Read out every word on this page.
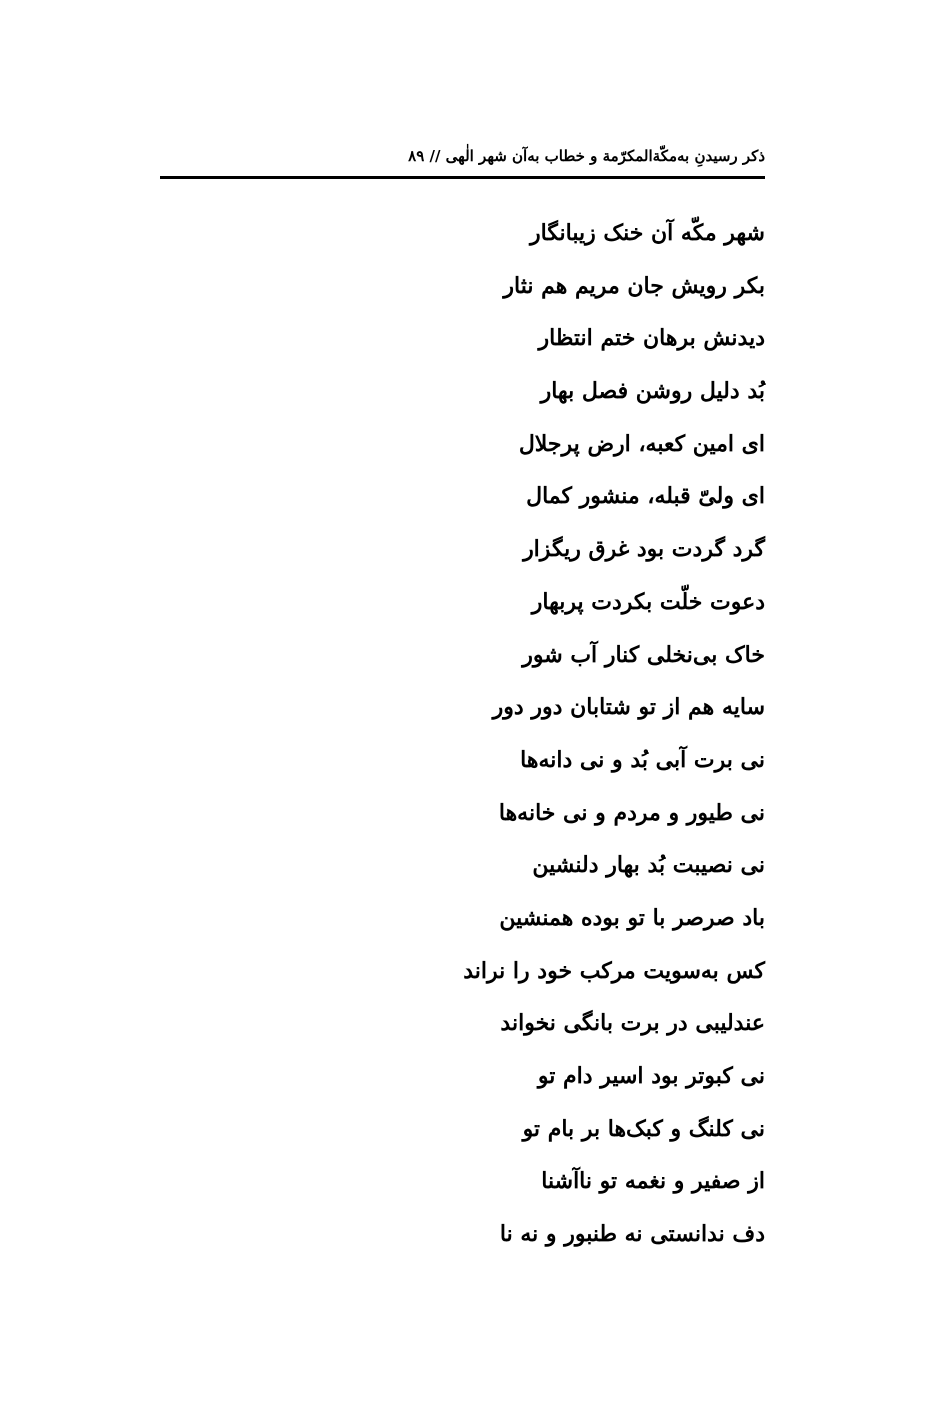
ذکر رسیدنِ به‌مکّةالمکرّمة و خطاب به‌آن شهر الٰهی // ۸۹
شهر مکّه آن خنک زیبانگار
بکر رویش جان مریم هم نثار
دیدنش برهان ختم انتظار
بُد دلیل روشن فصل بهار
ای امین کعبه، ارض پرجلال
ای ولیّ قبله، منشور کمال
گرد گردت بود غرق ریگزار
دعوت خلّت بکردت پربهار
خاک بی‌نخلی کنار آب شور
سایه هم از تو شتابان دور دور
نی برت آبی بُد و نی دانه‌ها
نی طیور و مردم و نی خانه‌ها
نی نصیبت بُد بهار دلنشین
باد صرصر با تو بوده همنشین
کس به‌سویت مرکب خود را نراند
عندلیبی در برت بانگی نخواند
نی کبوتر بود اسیر دام تو
نی کلنگ و کبک‌ها بر بام تو
از صفیر و نغمه تو ناآشنا
دف ندانستی نه طنبور و نه نا
